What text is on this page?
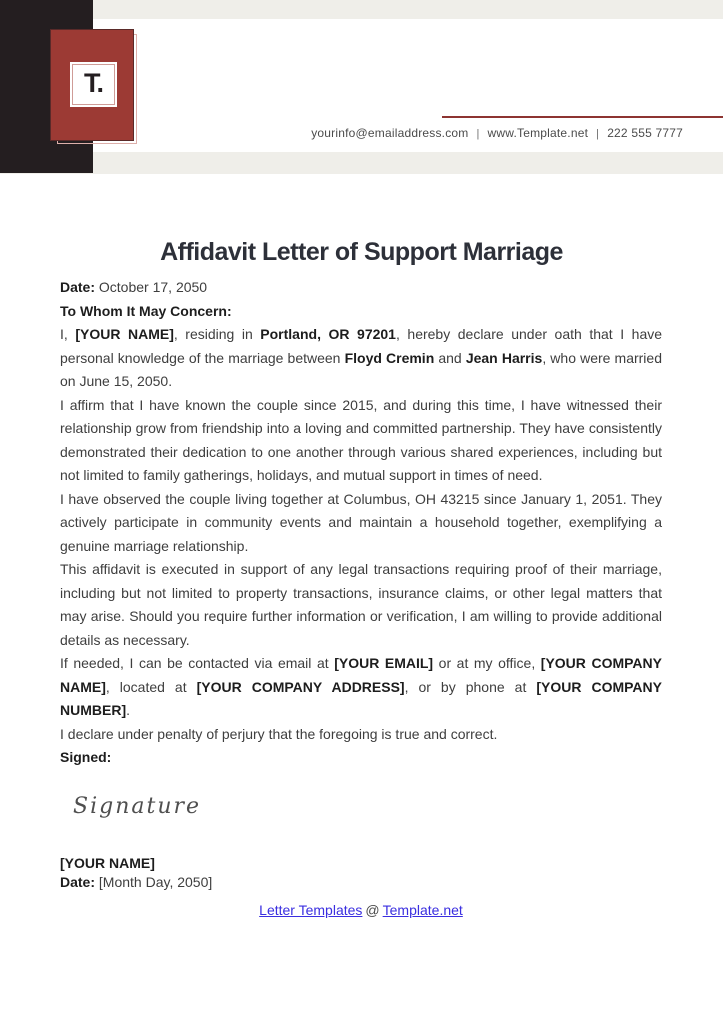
T.
yourinfo@emailaddress.com | www.Template.net | 222 555 7777
Affidavit Letter of Support Marriage

Date: October 17, 2050

To Whom It May Concern:

I, [YOUR NAME], residing in Portland, OR 97201, hereby declare under oath that I have personal knowledge of the marriage between Floyd Cremin and Jean Harris, who were married on June 15, 2050.

I affirm that I have known the couple since 2015, and during this time, I have witnessed their relationship grow from friendship into a loving and committed partnership. They have consistently demonstrated their dedication to one another through various shared experiences, including but not limited to family gatherings, holidays, and mutual support in times of need.

I have observed the couple living together at Columbus, OH 43215 since January 1, 2051. They actively participate in community events and maintain a household together, exemplifying a genuine marriage relationship.

This affidavit is executed in support of any legal transactions requiring proof of their marriage, including but not limited to property transactions, insurance claims, or other legal matters that may arise. Should you require further information or verification, I am willing to provide additional details as necessary.

If needed, I can be contacted via email at [YOUR EMAIL] or at my office, [YOUR COMPANY NAME], located at [YOUR COMPANY ADDRESS], or by phone at [YOUR COMPANY NUMBER].

I declare under penalty of perjury that the foregoing is true and correct.

Signed:

Signature
[YOUR NAME]
Date: [Month Day, 2050]
Letter Templates @ Template.net
